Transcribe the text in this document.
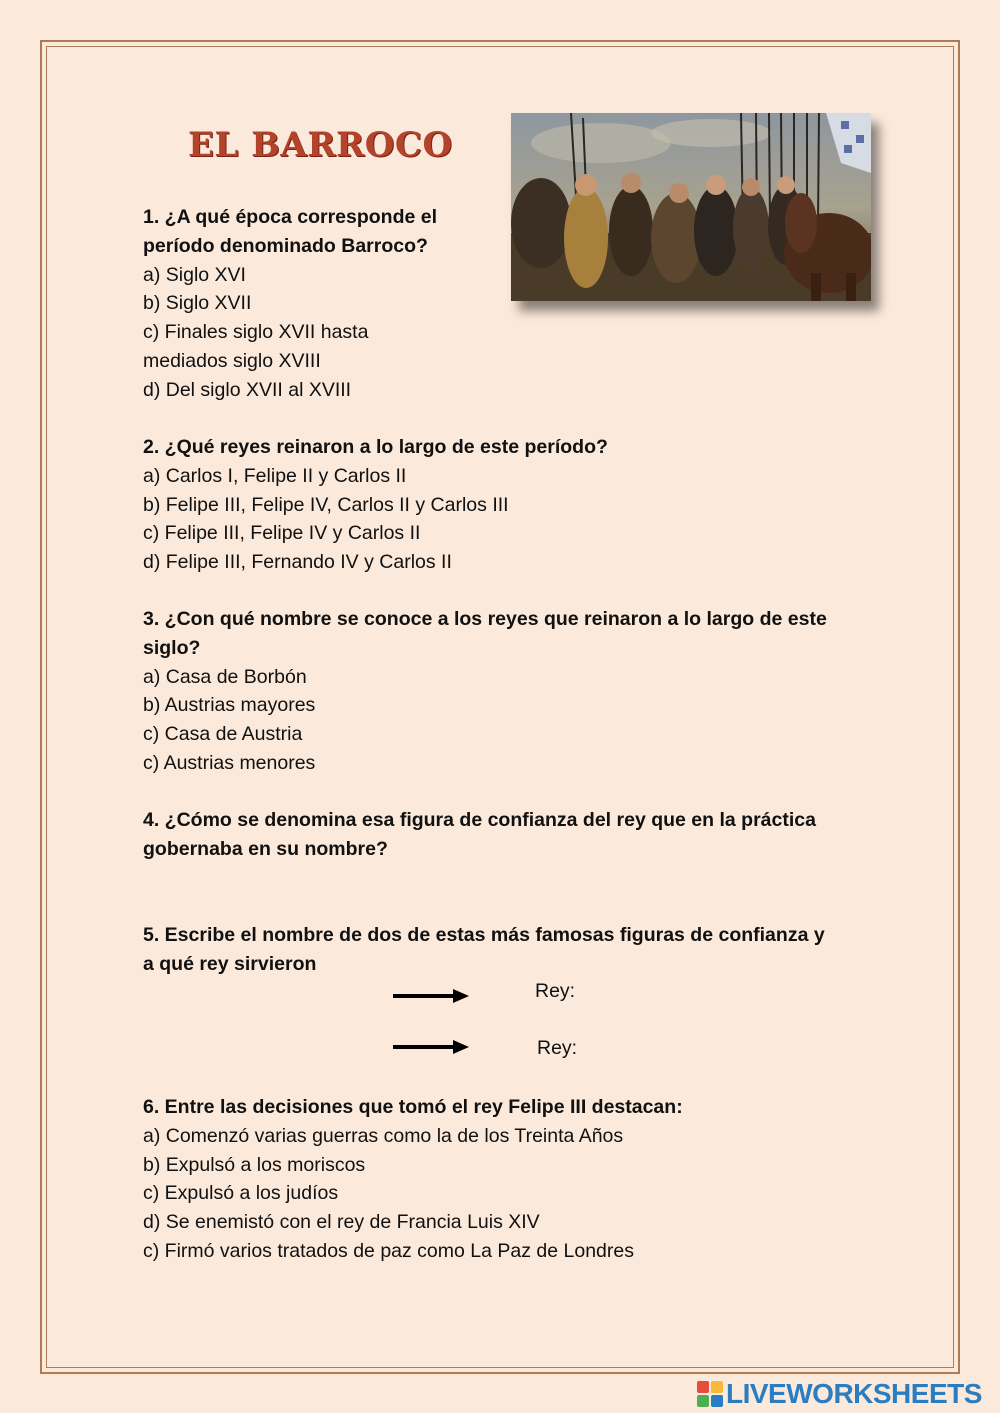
EL BARROCO
1. ¿A qué época corresponde el
período denominado Barroco?
a) Siglo XVI
b) Siglo XVII
c) Finales siglo XVII hasta
mediados siglo XVIII
d) Del siglo XVII al XVIII
2. ¿Qué reyes reinaron a lo largo de este período?
a) Carlos I, Felipe II y Carlos II
b) Felipe III, Felipe IV, Carlos II y Carlos III
c) Felipe III, Felipe IV y Carlos II
d) Felipe III, Fernando IV y Carlos II
3. ¿Con qué nombre se conoce a los reyes que reinaron a lo largo de este
siglo?
a) Casa de Borbón
b) Austrias mayores
c) Casa de Austria
c) Austrias menores
4. ¿Cómo se denomina esa figura de confianza del rey que en la práctica
gobernaba en su nombre?
5. Escribe el nombre de dos de estas más famosas figuras de confianza y
a qué rey sirvieron
Rey:
Rey:
6. Entre las decisiones que tomó el rey Felipe III destacan:
a) Comenzó varias guerras como la de los Treinta Años
b) Expulsó a los moriscos
c) Expulsó a los judíos
d) Se enemistó con el rey de Francia Luis XIV
c) Firmó varios tratados de paz como La Paz de Londres
LIVEWORKSHEETS
